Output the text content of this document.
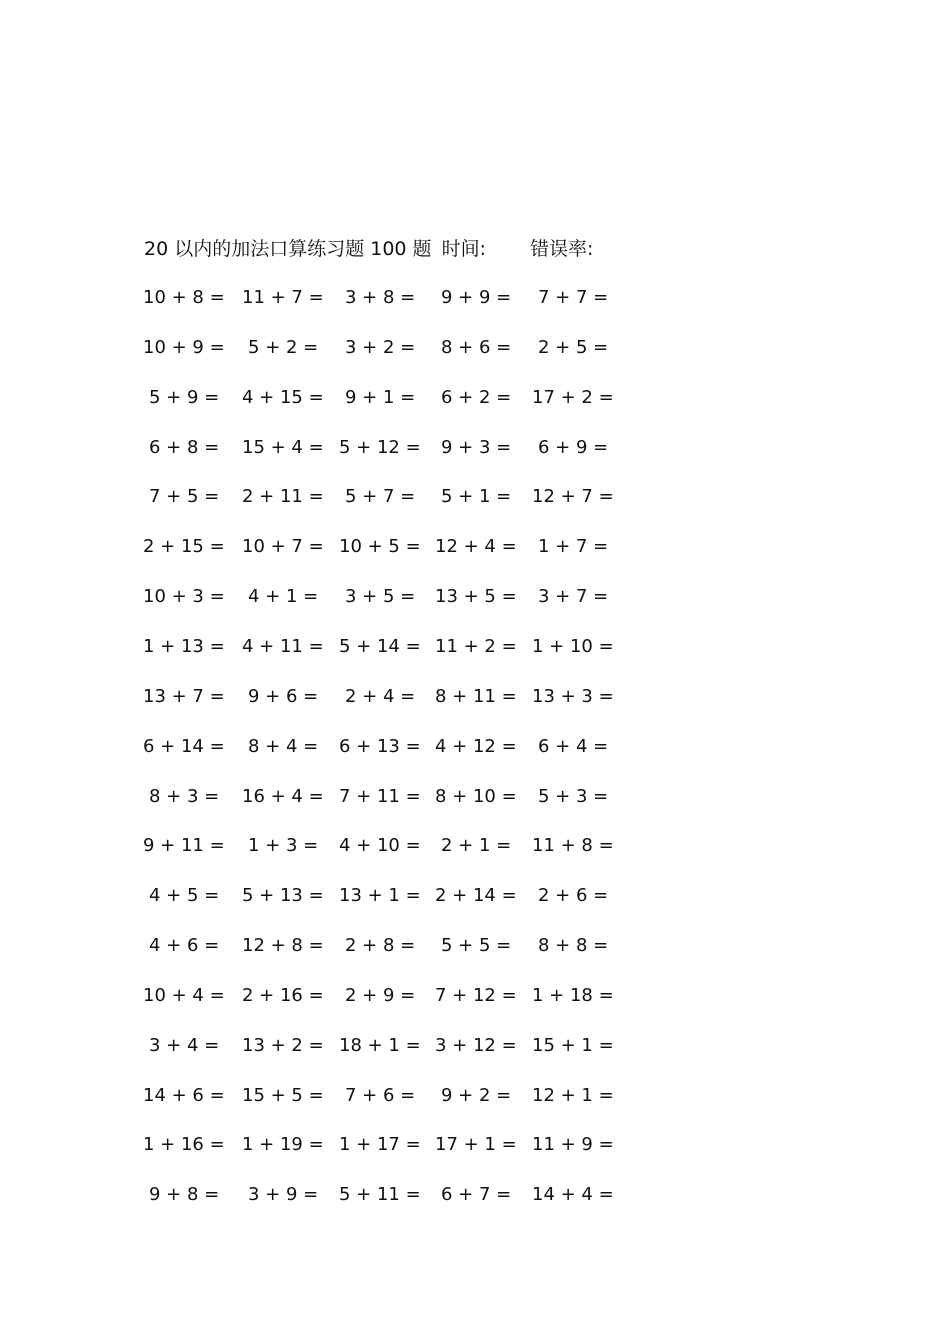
20 以内的加法口算练习题 100 题 时间: 错误率:
10 + 8 = 11 + 7 = 3 + 8 = 9 + 9 = 7 + 7 =
10 + 9 = 5 + 2 = 3 + 2 = 8 + 6 = 2 + 5 =
5 + 9 = 4 + 15 = 9 + 1 = 6 + 2 = 17 + 2 =
6 + 8 = 15 + 4 = 5 + 12 = 9 + 3 = 6 + 9 =
7 + 5 = 2 + 11 = 5 + 7 = 5 + 1 = 12 + 7 =
2 + 15 = 10 + 7 = 10 + 5 = 12 + 4 = 1 + 7 =
10 + 3 = 4 + 1 = 3 + 5 = 13 + 5 = 3 + 7 =
1 + 13 = 4 + 11 = 5 + 14 = 11 + 2 = 1 + 10 =
13 + 7 = 9 + 6 = 2 + 4 = 8 + 11 = 13 + 3 =
6 + 14 = 8 + 4 = 6 + 13 = 4 + 12 = 6 + 4 =
8 + 3 = 16 + 4 = 7 + 11 = 8 + 10 = 5 + 3 =
9 + 11 = 1 + 3 = 4 + 10 = 2 + 1 = 11 + 8 =
4 + 5 = 5 + 13 = 13 + 1 = 2 + 14 = 2 + 6 =
4 + 6 = 12 + 8 = 2 + 8 = 5 + 5 = 8 + 8 =
10 + 4 = 2 + 16 = 2 + 9 = 7 + 12 = 1 + 18 =
3 + 4 = 13 + 2 = 18 + 1 = 3 + 12 = 15 + 1 =
14 + 6 = 15 + 5 = 7 + 6 = 9 + 2 = 12 + 1 =
1 + 16 = 1 + 19 = 1 + 17 = 17 + 1 = 11 + 9 =
9 + 8 = 3 + 9 = 5 + 11 = 6 + 7 = 14 + 4 =
